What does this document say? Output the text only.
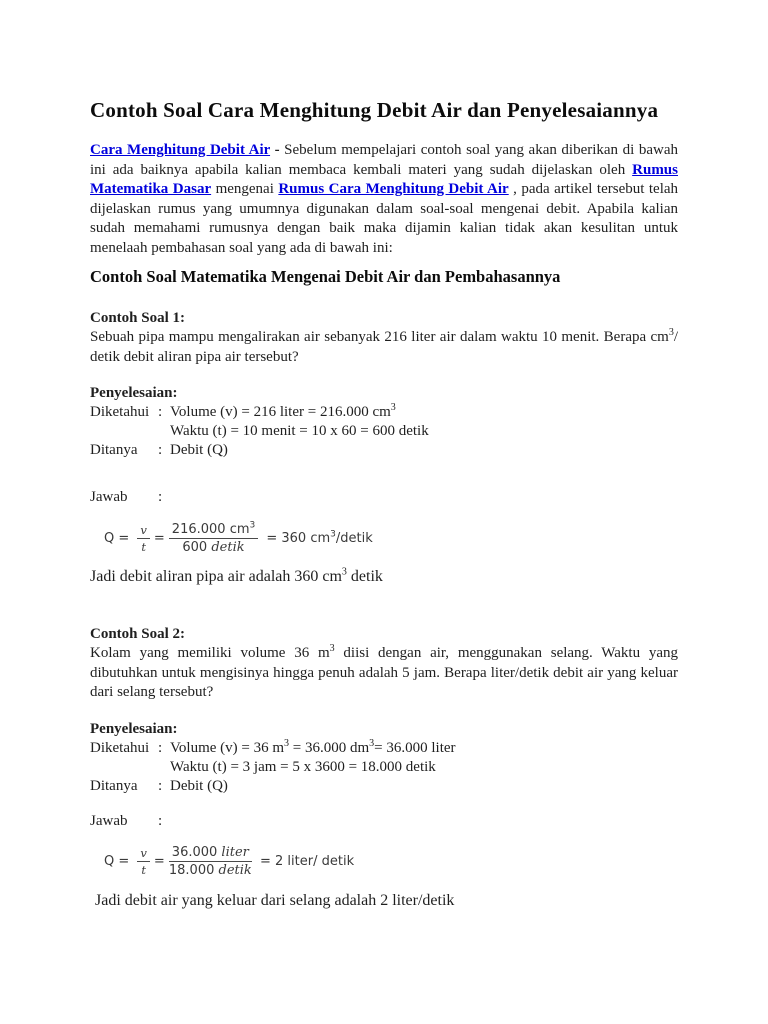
Contoh Soal Cara Menghitung Debit Air dan Penyelesaiannya

Cara Menghitung Debit Air - Sebelum mempelajari contoh soal yang akan diberikan di bawah ini ada baiknya apabila kalian membaca kembali materi yang sudah dijelaskan oleh Rumus Matematika Dasar mengenai Rumus Cara Menghitung Debit Air , pada artikel tersebut telah dijelaskan rumus yang umumnya digunakan dalam soal-soal mengenai debit. Apabila kalian sudah memahami rumusnya dengan baik maka dijamin kalian tidak akan kesulitan untuk menelaah pembahasan soal yang ada di bawah ini:

Contoh Soal Matematika Mengenai Debit Air dan Pembahasannya
Contoh Soal 1:

Sebuah pipa mampu mengalirakan air sebanyak 216 liter air dalam waktu 10 menit. Berapa $cm^3/$ detik debit aliran pipa air tersebut?

Penyelesaian:
Diketahui : Volume (v) = 216 liter = 216.000 $cm^3$
Waktu (t) = 10 menit = 10 x 60 = 600 detik
Ditanya	: Debit (Q)
Jawab	:
$Q = \frac{v}{t} = \frac{216.000 cm^3}{\text{600 detik}} = 360$ $cm^3$/detik

Jadi debit aliran pipa air adalah 360 $cm^3$ detik

Contoh Soal 2:

Kolam yang memiliki volume 36 $m^3$ diisi dengan air, menggunakan selang. Waktu yang dibutuhkan untuk mengisinya hingga penuh adalah 5 jam. Berapa liter/detik debit air yang keluar dari selang tersebut?

Penyelesaian:
Diketahui : Volume (v) = 36 $m^3 = 36.000$ $dm^3= 36.000$ liter
Waktu (t) = 3 jam = 5 x 3600 = 18.000 detik
Ditanya	: Debit (Q)
Jawab	:
$Q = \frac{v}{t} = \frac{\text{36.000 liter}}{\text{18.000 detik}} = 2$ liter/ detik

Jadi debit air yang keluar dari selang adalah 2 liter/detik
